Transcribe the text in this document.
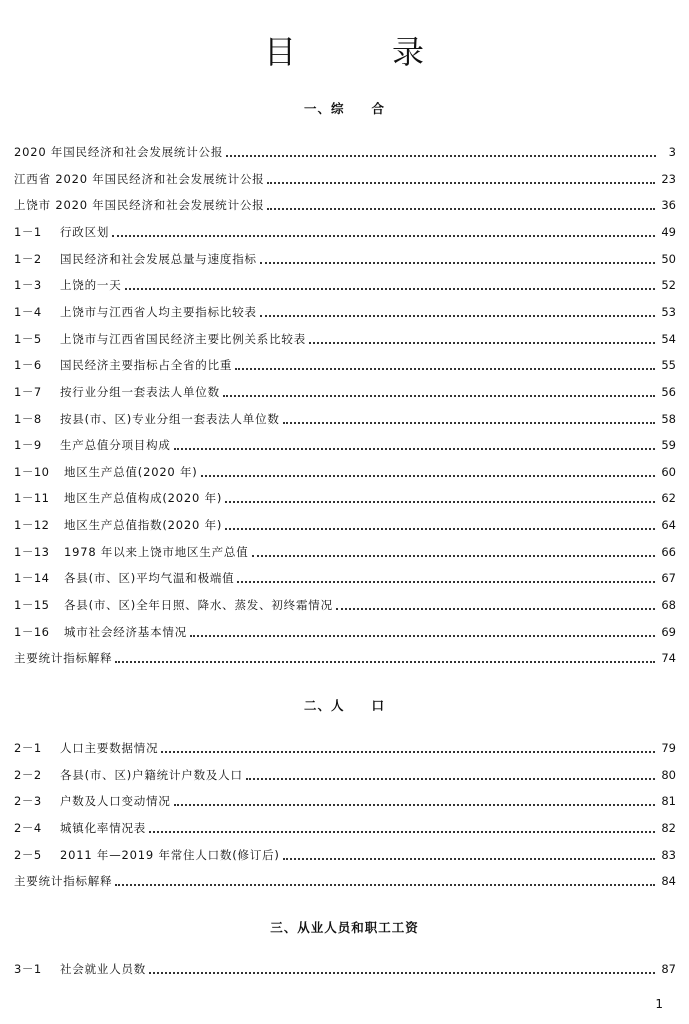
目	录
一、综　　合
2020 年国民经济和社会发展统计公报	3
江西省 2020 年国民经济和社会发展统计公报	23
上饶市 2020 年国民经济和社会发展统计公报	36
1－1	行政区划	49
1－2	国民经济和社会发展总量与速度指标	50
1－3	上饶的一天	52
1－4	上饶市与江西省人均主要指标比较表	53
1－5	上饶市与江西省国民经济主要比例关系比较表	54
1－6	国民经济主要指标占全省的比重	55
1－7	按行业分组一套表法人单位数	56
1－8	按县(市、区)专业分组一套表法人单位数	58
1－9	生产总值分项目构成	59
1－10	地区生产总值(2020 年)	60
1－11	地区生产总值构成(2020 年)	62
1－12	地区生产总值指数(2020 年)	64
1－13	1978 年以来上饶市地区生产总值	66
1－14	各县(市、区)平均气温和极端值	67
1－15	各县(市、区)全年日照、降水、蒸发、初终霜情况	68
1－16	城市社会经济基本情况	69
主要统计指标解释	74
二、人　　口
2－1	人口主要数据情况	79
2－2	各县(市、区)户籍统计户数及人口	80
2－3	户数及人口变动情况	81
2－4	城镇化率情况表	82
2－5	2011 年—2019 年常住人口数(修订后)	83
主要统计指标解释	84
三、从业人员和职工工资
3－1	社会就业人员数	87
1
